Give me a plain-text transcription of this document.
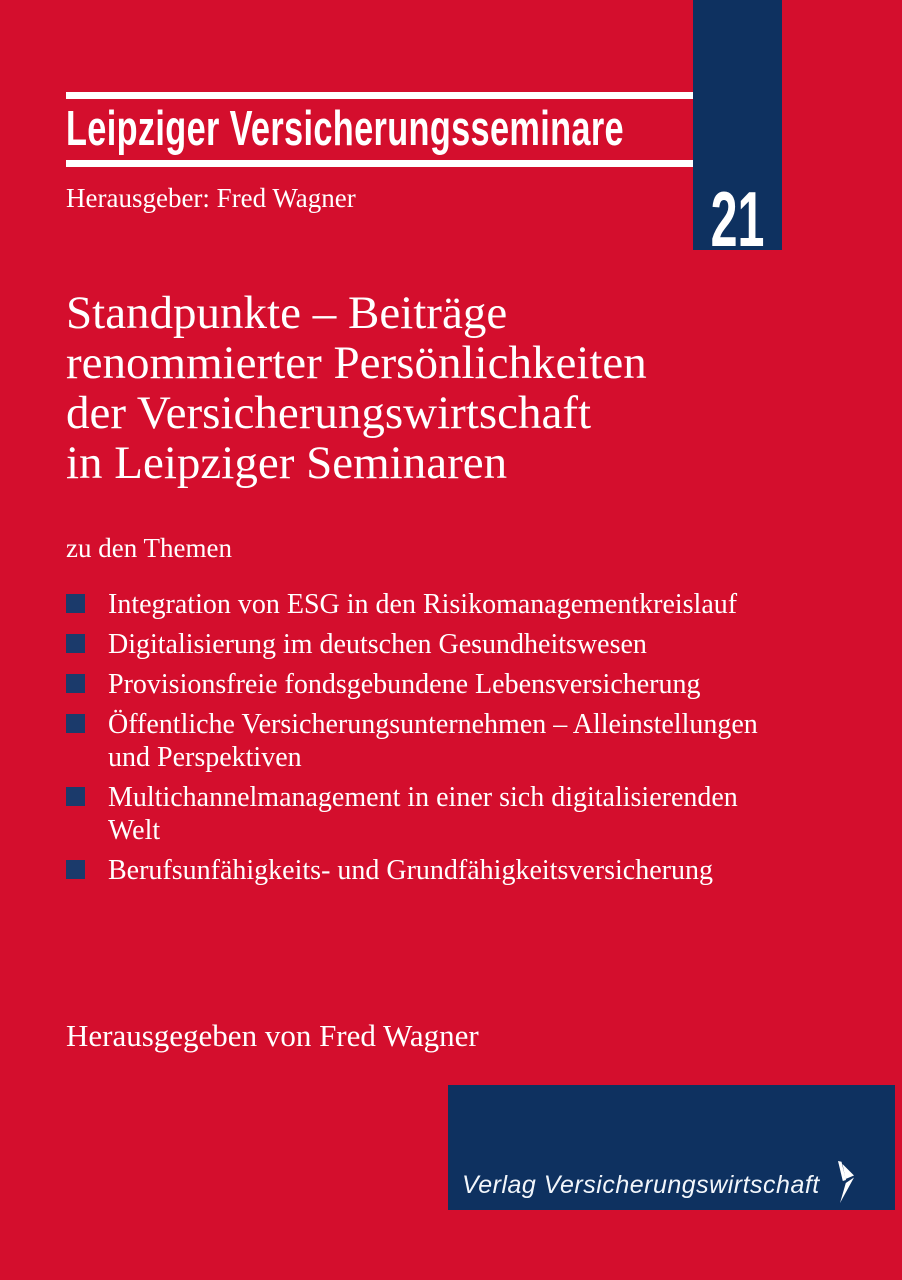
Leipziger Versicherungsseminare
Herausgeber: Fred Wagner	21
Standpunkte – Beiträge
renommierter Persönlichkeiten
der Versicherungswirtschaft
in Leipziger Seminaren
zu den Themen
Integration von ESG in den Risikomanagementkreislauf
Digitalisierung im deutschen Gesundheitswesen
Provisionsfreie fondsgebundene Lebensversicherung
Öffentliche Versicherungsunternehmen – Alleinstellungen und Perspektiven
Multichannelmanagement in einer sich digitalisierenden Welt
Berufsunfähigkeits- und Grundfähigkeitsversicherung
Herausgegeben von Fred Wagner
Verlag Versicherungswirtschaft
